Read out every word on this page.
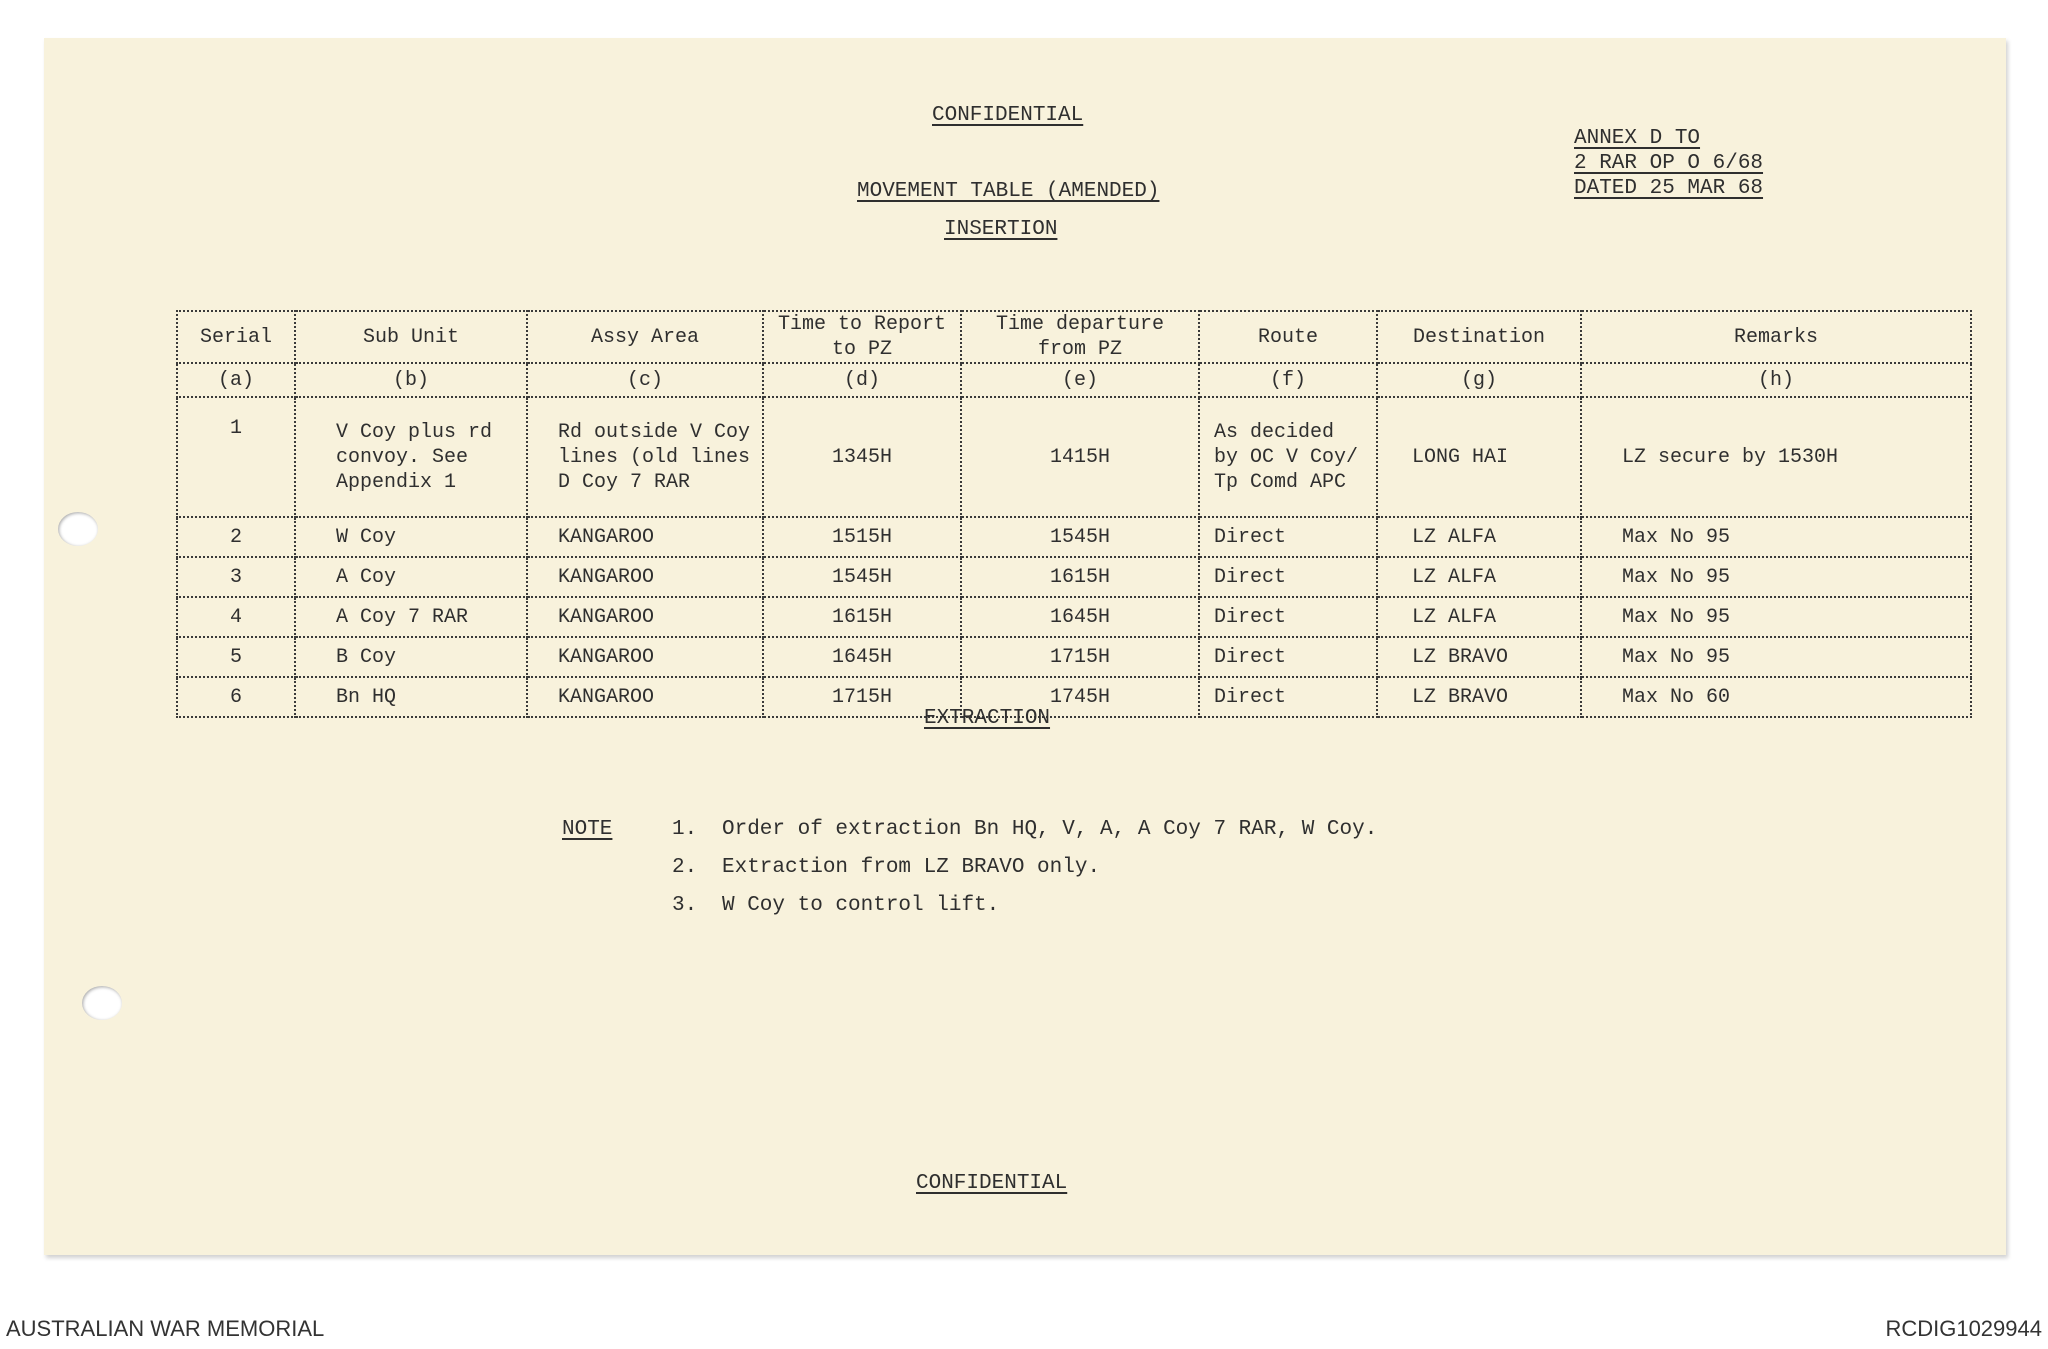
CONFIDENTIAL
ANNEX D TO
2 RAR OP O 6/68
DATED 25 MAR 68
MOVEMENT TABLE (AMENDED)
INSERTION
Serial	Sub Unit	Assy Area	Time to Report to PZ	Time departure from PZ	Route	Destination	Remarks
(a)	(b)	(c)	(d)	(e)	(f)	(g)	(h)
1	V Coy plus rd convoy. See Appendix 1	Rd outside V Coy lines (old lines D Coy 7 RAR	1345H	1415H	As decided by OC V Coy/ Tp Comd APC	LONG HAI	LZ secure by 1530H
2	W Coy	KANGAROO	1515H	1545H	Direct	LZ ALFA	Max No 95
3	A Coy	KANGAROO	1545H	1615H	Direct	LZ ALFA	Max No 95
4	A Coy 7 RAR	KANGAROO	1615H	1645H	Direct	LZ ALFA	Max No 95
5	B Coy	KANGAROO	1645H	1715H	Direct	LZ BRAVO	Max No 95
6	Bn HQ	KANGAROO	1715H	1745H	Direct	LZ BRAVO	Max No 60
EXTRACTION
NOTE	1. Order of extraction Bn HQ, V, A, A Coy 7 RAR, W Coy.
2. Extraction from LZ BRAVO only.
3. W Coy to control lift.
CONFIDENTIAL
AUSTRALIAN WAR MEMORIAL	RCDIG1029944
